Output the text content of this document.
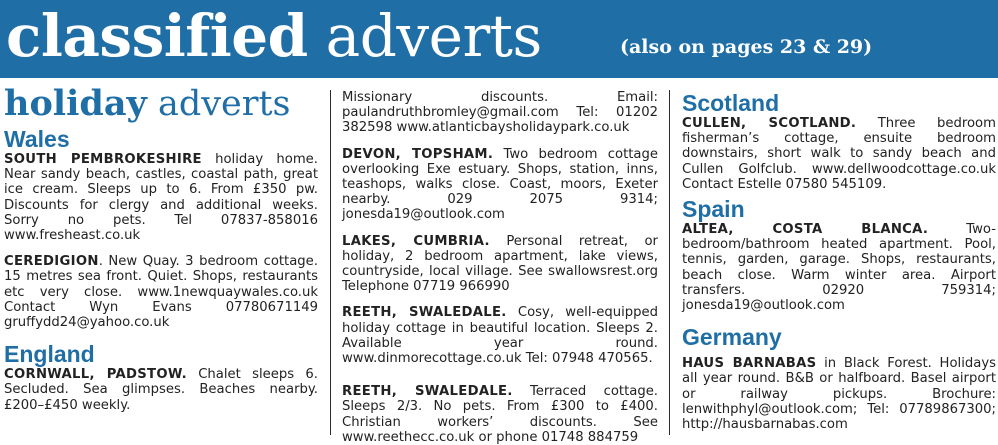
classified adverts	(also on pages 23 & 29)
holiday adverts
Wales

SOUTH PEMBROKESHIRE holiday home. Near sandy beach, castles, coastal path, great ice cream. Sleeps up to 6. From £350 pw. Discounts for clergy and additional weeks. Sorry no pets. Tel 07837-858016 www.fresheast.co.uk

CEREDIGION. New Quay. 3 bedroom cottage. 15 metres sea front. Quiet. Shops, restaurants etc very close. www.1newquaywales.co.uk Contact Wyn Evans 07780671149 gruffydd24@yahoo.co.uk

England

CORNWALL, PADSTOW. Chalet sleeps 6. Secluded. Sea glimpses. Beaches nearby. £200–£450 weekly.

Missionary discounts. Email: paulandruthbromley@gmail.com Tel: 01202 382598 www.atlanticbaysholidaypark.co.uk

DEVON, TOPSHAM. Two bedroom cottage overlooking Exe estuary. Shops, station, inns, teashops, walks close. Coast, moors, Exeter nearby. 029 2075 9314; jonesda19@outlook.com

LAKES, CUMBRIA. Personal retreat, or holiday, 2 bedroom apartment, lake views, countryside, local village. See swallowsrest.org Telephone 07719 966990

REETH, SWALEDALE. Cosy, well-equipped holiday cottage in beautiful location. Sleeps 2. Available year round. www.dinmorecottage.co.uk Tel: 07948 470565.

REETH, SWALEDALE. Terraced cottage. Sleeps 2/3. No pets. From £300 to £400. Christian workers’ discounts. See www.reethecc.co.uk or phone 01748 884759

Scotland

CULLEN, SCOTLAND. Three bedroom fisherman’s cottage, ensuite bedroom downstairs, short walk to sandy beach and Cullen Golfclub. www.dellwoodcottage.co.uk Contact Estelle 07580 545109.

Spain

ALTEA, COSTA BLANCA. Two-bedroom/bathroom heated apartment. Pool, tennis, garden, garage. Shops, restaurants, beach close. Warm winter area. Airport transfers. 02920 759314; jonesda19@outlook.com

Germany

HAUS BARNABAS in Black Forest. Holidays all year round. B&B or halfboard. Basel airport or railway pickups. Brochure: lenwithphyl@outlook.com; Tel: 07789867300; http://hausbarnabas.com
